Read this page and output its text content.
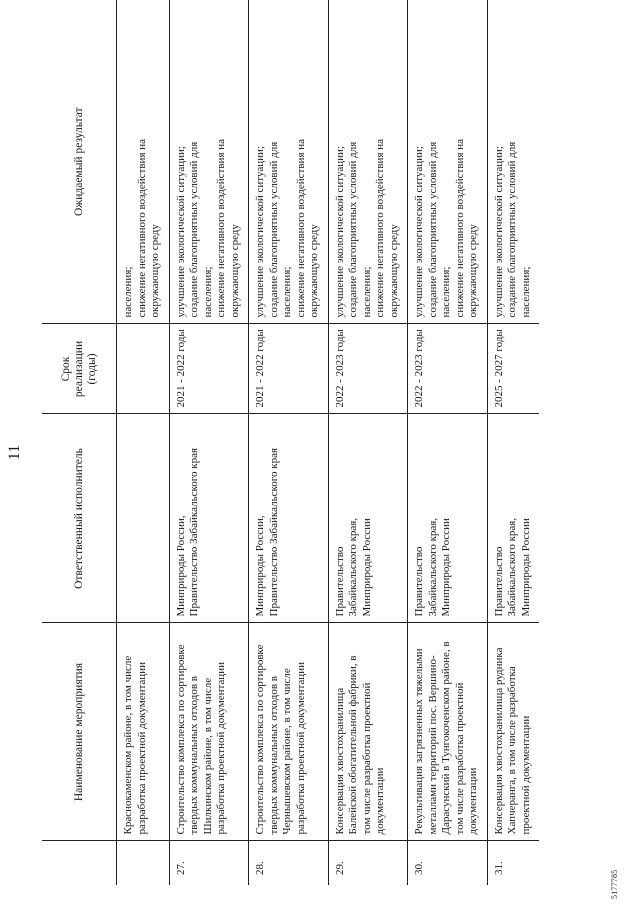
11
	Наименование мероприятия	Ответственный исполнитель	Срок реализации (годы)	Ожидаемый результат

	Краснокаменском районе, в том числе разработка проектной документации			населения; снижение негативного воздействия на окружающую среду

27.	Строительство комплекса по сортировке твердых коммунальных отходов в Шилкинском районе, в том числе разработка проектной документации	Минприроды России, Правительство Забайкальского края	2021 - 2022 годы	улучшение экологической ситуации; создание благоприятных условий для населения; снижение негативного воздействия на окружающую среду

28.	Строительство комплекса по сортировке твердых коммунальных отходов в Чернышевском районе, в том числе разработка проектной документации	Минприроды России, Правительство Забайкальского края	2021 - 2022 годы	улучшение экологической ситуации; создание благоприятных условий для населения; снижение негативного воздействия на окружающую среду

29.	Консервация хвостохранилища Балейской обогатительной фабрики, в том числе разработка проектной документации	Правительство Забайкальского края, Минприроды России	2022 - 2023 годы	улучшение экологической ситуации; создание благоприятных условий для населения; снижение негативного воздействия на окружающую среду

30.	Рекультивация загрязненных тяжелыми металлами территорий пос. Вершино- Дарасунский в Тунгокоченском районе, в том числе разработка проектной документации	Правительство Забайкальского края, Минприроды России	2022 - 2023 годы	улучшение экологической ситуации; создание благоприятных условий для населения; снижение негативного воздействия на окружающую среду

31.	Консервация хвостохранилища рудника Хапчеранга, в том числе разработка проектной документации	Правительство Забайкальского края, Минприроды России	2025 - 2027 годы	улучшение экологической ситуации; создание благоприятных условий для населения;
5177785
